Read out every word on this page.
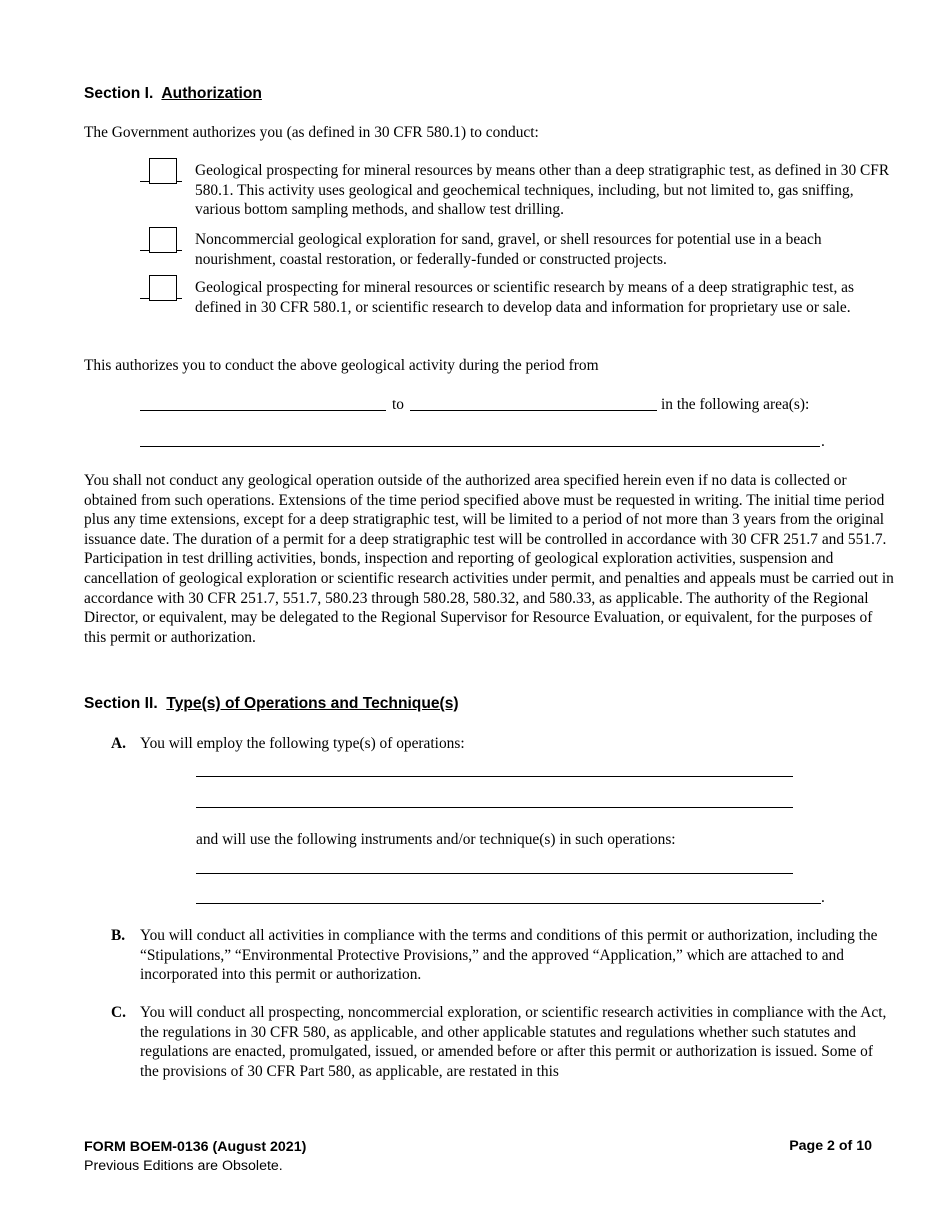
Section I. Authorization
The Government authorizes you (as defined in 30 CFR 580.1) to conduct:
Geological prospecting for mineral resources by means other than a deep stratigraphic test, as defined in 30 CFR 580.1. This activity uses geological and geochemical techniques, including, but not limited to, gas sniffing, various bottom sampling methods, and shallow test drilling.
Noncommercial geological exploration for sand, gravel, or shell resources for potential use in a beach nourishment, coastal restoration, or federally-funded or constructed projects.
Geological prospecting for mineral resources or scientific research by means of a deep stratigraphic test, as defined in 30 CFR 580.1, or scientific research to develop data and information for proprietary use or sale.
This authorizes you to conduct the above geological activity during the period from
to	in the following area(s):
.
You shall not conduct any geological operation outside of the authorized area specified herein even if no data is collected or obtained from such operations. Extensions of the time period specified above must be requested in writing. The initial time period plus any time extensions, except for a deep stratigraphic test, will be limited to a period of not more than 3 years from the original issuance date. The duration of a permit for a deep stratigraphic test will be controlled in accordance with 30 CFR 251.7 and 551.7. Participation in test drilling activities, bonds, inspection and reporting of geological exploration activities, suspension and cancellation of geological exploration or scientific research activities under permit, and penalties and appeals must be carried out in accordance with 30 CFR 251.7, 551.7, 580.23 through 580.28, 580.32, and 580.33, as applicable. The authority of the Regional Director, or equivalent, may be delegated to the Regional Supervisor for Resource Evaluation, or equivalent, for the purposes of this permit or authorization.
Section II. Type(s) of Operations and Technique(s)
A. You will employ the following type(s) of operations:
and will use the following instruments and/or technique(s) in such operations:
.
B. You will conduct all activities in compliance with the terms and conditions of this permit or authorization, including the “Stipulations,” “Environmental Protective Provisions,” and the approved “Application,” which are attached to and incorporated into this permit or authorization.
C. You will conduct all prospecting, noncommercial exploration, or scientific research activities in compliance with the Act, the regulations in 30 CFR 580, as applicable, and other applicable statutes and regulations whether such statutes and regulations are enacted, promulgated, issued, or amended before or after this permit or authorization is issued. Some of the provisions of 30 CFR Part 580, as applicable, are restated in this
FORM BOEM-0136 (August 2021)
Previous Editions are Obsolete.
Page 2 of 10
